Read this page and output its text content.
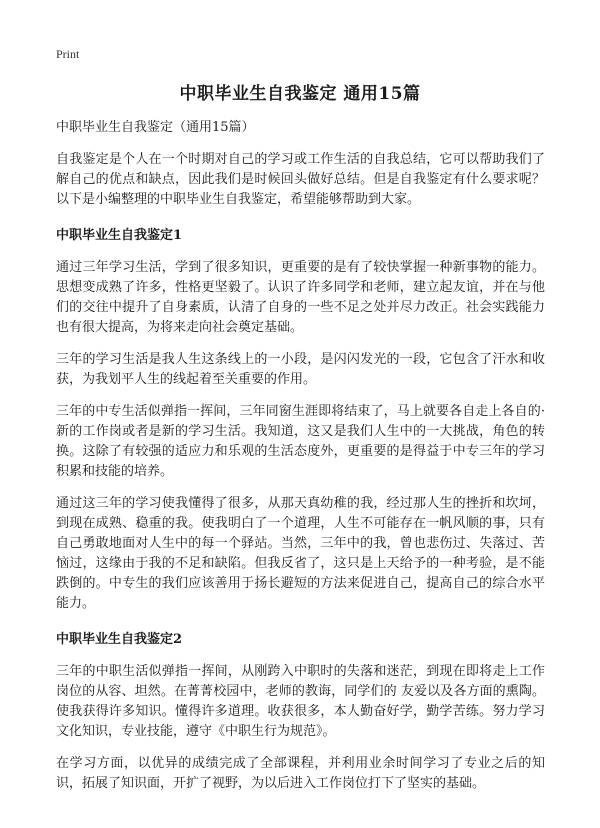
Print
中职毕业生自我鉴定 通用15篇

中职毕业生自我鉴定（通用15篇）

自我鉴定是个人在一个时期对自己的学习或工作生活的自我总结，它可以帮助我们了解自己的优点和缺点，因此我们是时候回头做好总结。但是自我鉴定有什么要求呢？以下是小编整理的中职毕业生自我鉴定，希望能够帮助到大家。

中职毕业生自我鉴定1

通过三年学习生活，学到了很多知识，更重要的是有了较快掌握一种新事物的能力。思想变成熟了许多，性格更坚毅了。认识了许多同学和老师，建立起友谊，并在与他们的交往中提升了自身素质，认清了自身的一些不足之处并尽力改正。社会实践能力也有很大提高，为将来走向社会奠定基础。

三年的学习生活是我人生这条线上的一小段，是闪闪发光的一段，它包含了汗水和收获，为我划平人生的线起着至关重要的作用。

三年的中专生活似弹指一挥间，三年同窗生涯即将结束了，马上就要各自走上各自的·新的工作岗或者是新的学习生活。我知道，这又是我们人生中的一大挑战，角色的转换。这除了有较强的适应力和乐观的生活态度外，更重要的是得益于中专三年的学习积累和技能的培养。

通过这三年的学习使我懂得了很多，从那天真幼稚的我，经过那人生的挫折和坎坷，到现在成熟、稳重的我。使我明白了一个道理，人生不可能存在一帆风顺的事，只有自己勇敢地面对人生中的每一个驿站。当然，三年中的我，曾也悲伤过、失落过、苦恼过，这缘由于我的不足和缺陷。但我反省了，这只是上天给予的一种考验，是不能跌倒的。中专生的我们应该善用于扬长避短的方法来促进自己，提高自己的综合水平能力。

中职毕业生自我鉴定2

三年的中职生活似弹指一挥间，从刚跨入中职时的失落和迷茫，到现在即将走上工作岗位的从容、坦然。在菁菁校园中，老师的教诲，同学们的 友爱以及各方面的熏陶。使我获得许多知识。懂得许多道理。收获很多，本人勤奋好学，勤学苦练。努力学习文化知识，专业技能，遵守《中职生行为规范》。

在学习方面，以优异的成绩完成了全部课程，并利用业余时间学习了专业之后的知识，拓展了知识面，开扩了视野，为以后进入工作岗位打下了坚实的基础。
